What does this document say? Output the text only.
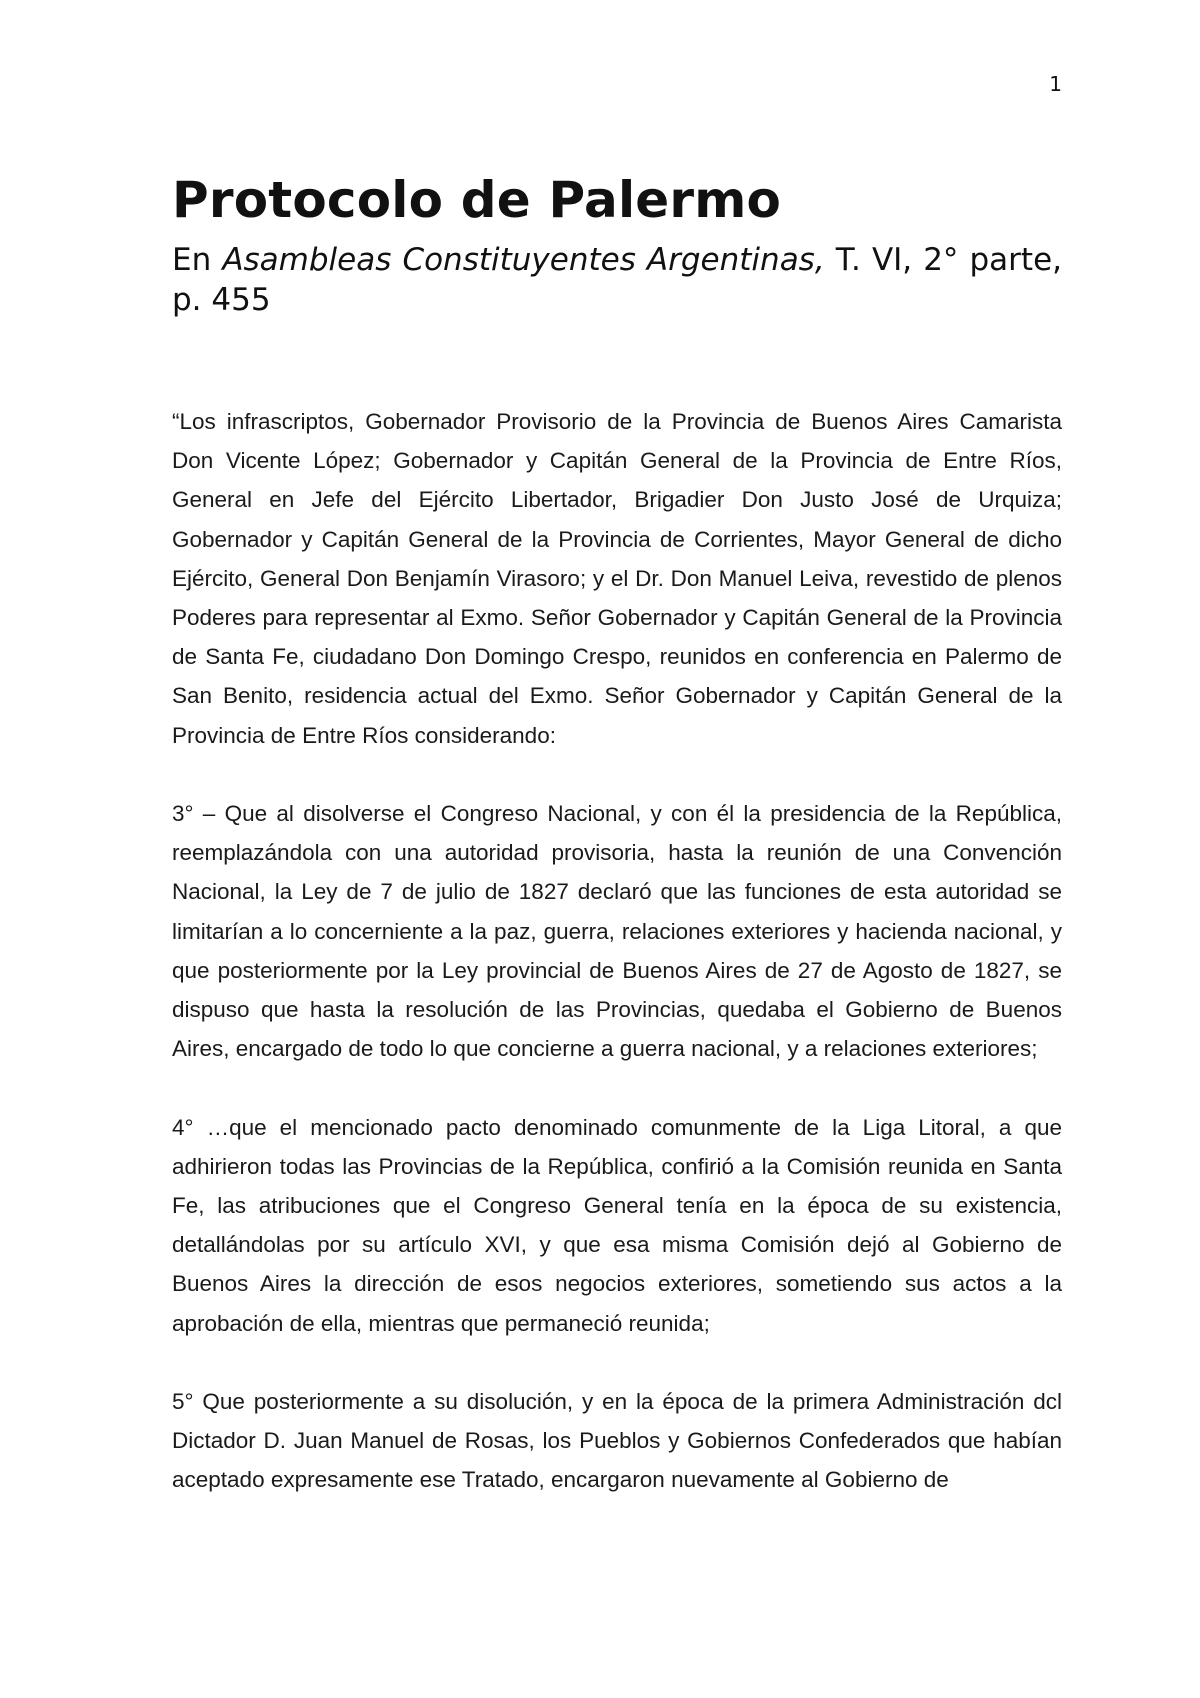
1
Protocolo de Palermo

En Asambleas Constituyentes Argentinas, T. VI, 2° parte, p. 455

“Los infrascriptos, Gobernador Provisorio de la Provincia de Buenos Aires Camarista Don Vicente López; Gobernador y Capitán General de la Provincia de Entre Ríos, General en Jefe del Ejército Libertador, Brigadier Don Justo José de Urquiza; Gobernador y Capitán General de la Provincia de Corrientes, Mayor General de dicho Ejército, General Don Benjamín Virasoro; y el Dr. Don Manuel Leiva, revestido de plenos Poderes para representar al Exmo. Señor Gobernador y Capitán General de la Provincia de Santa Fe, ciudadano Don Domingo Crespo, reunidos en conferencia en Palermo de San Benito, residencia actual del Exmo. Señor Gobernador y Capitán General de la Provincia de Entre Ríos considerando:

3° – Que al disolverse el Congreso Nacional, y con él la presidencia de la República, reemplazándola con una autoridad provisoria, hasta la reunión de una Convención Nacional, la Ley de 7 de julio de 1827 declaró que las funciones de esta autoridad se limitarían a lo concerniente a la paz, guerra, relaciones exteriores y hacienda nacional, y que posteriormente por la Ley provincial de Buenos Aires de 27 de Agosto de 1827, se dispuso que hasta la resolución de las Provincias, quedaba el Gobierno de Buenos Aires, encargado de todo lo que concierne a guerra nacional, y a relaciones exteriores;

4° …que el mencionado pacto denominado comunmente de la Liga Litoral, a que adhirieron todas las Provincias de la República, confirió a la Comisión reunida en Santa Fe, las atribuciones que el Congreso General tenía en la época de su existencia, detallándolas por su artículo XVI, y que esa misma Comisión dejó al Gobierno de Buenos Aires la dirección de esos negocios exteriores, sometiendo sus actos a la aprobación de ella, mientras que permaneció reunida;

5° Que posteriormente a su disolución, y en la época de la primera Administración dcl Dictador D. Juan Manuel de Rosas, los Pueblos y Gobiernos Confederados que habían aceptado expresamente ese Tratado, encargaron nuevamente al Gobierno de
